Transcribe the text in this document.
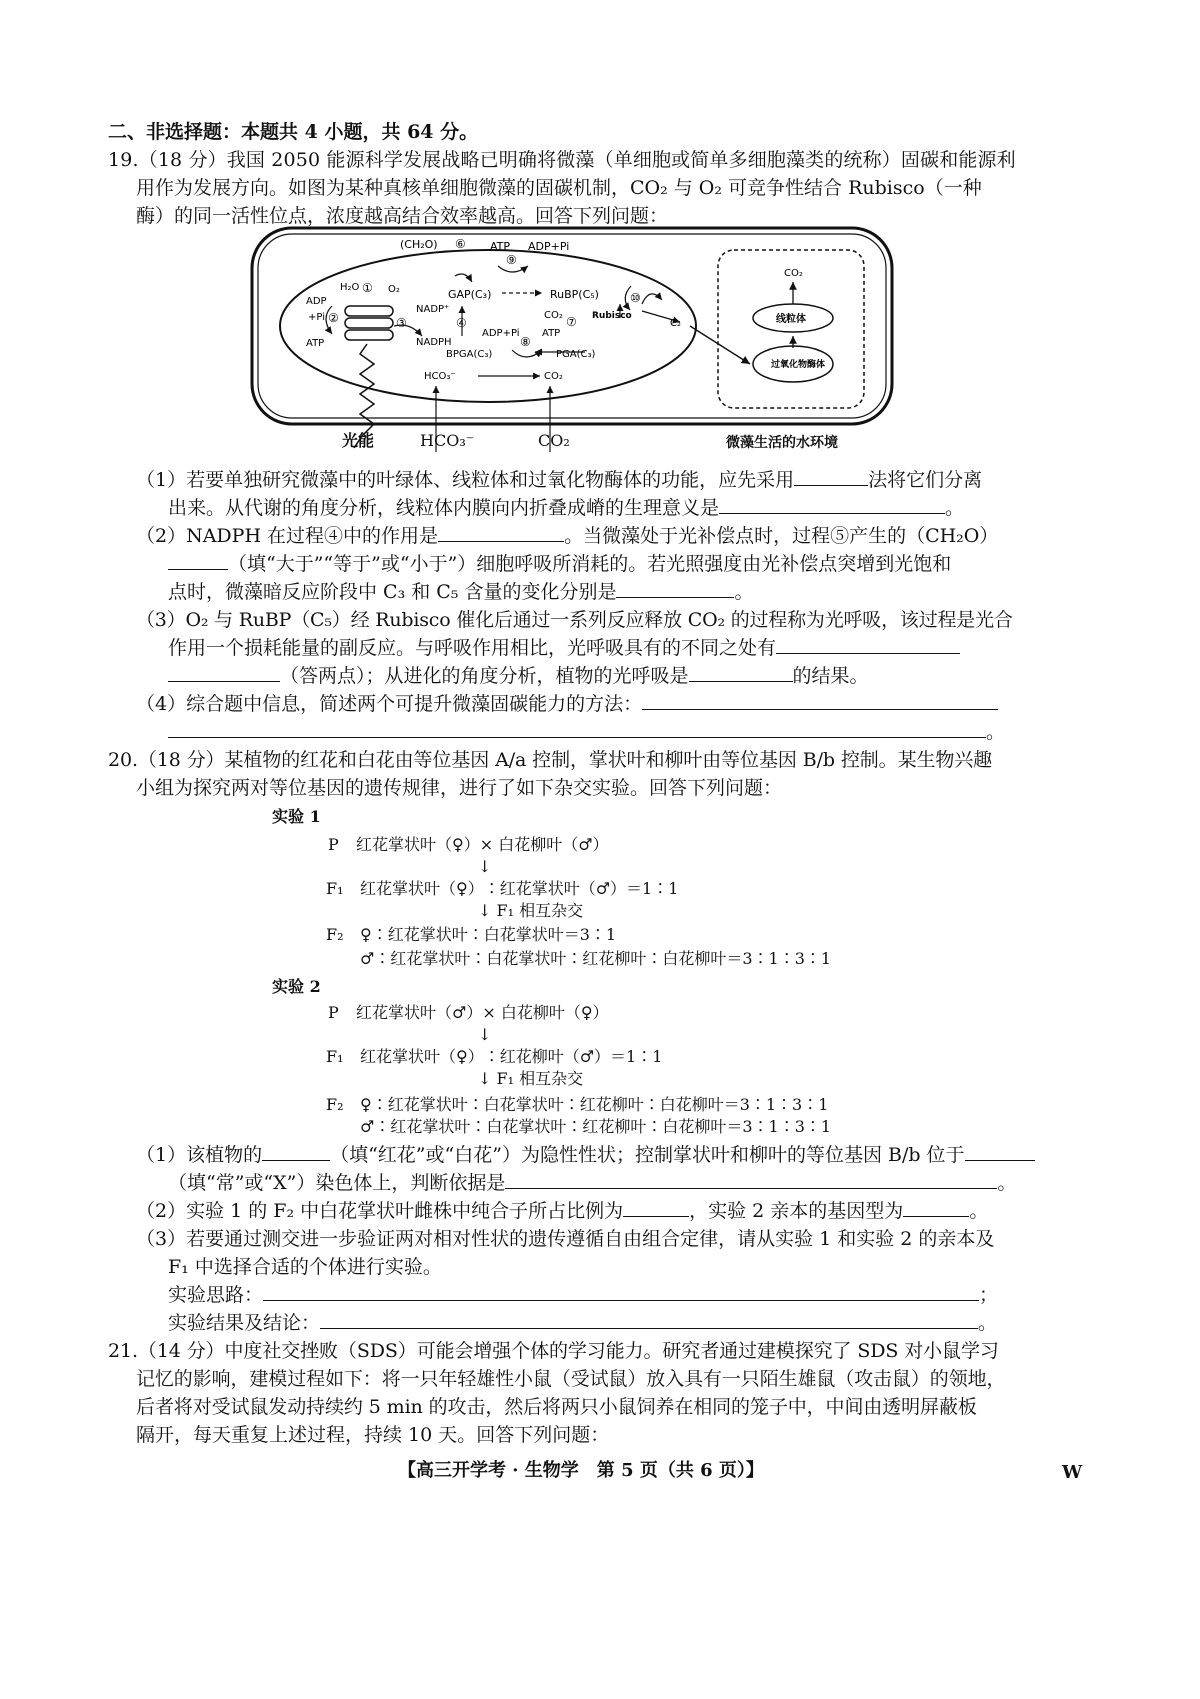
二、非选择题：本题共 4 小题，共 64 分。
19.（18 分）我国 2050 能源科学发展战略已明确将微藻（单细胞或简单多细胞藻类的统称）固碳和能源利
用作为发展方向。如图为某种真核单细胞微藻的固碳机制，CO₂ 与 O₂ 可竞争性结合 Rubisco（一种
酶）的同一活性位点，浓度越高结合效率越高。回答下列问题：
(CH₂O) ⑥ ATP ADP+Pi
⑨
GAP(C₃)	RuBP(C₅)	⑩
H₂O ① O₂
ADP
+Pi ②	③
ATP
NADP⁺
④
NADPH
BPGA(C₃)
ADP+Pi
⑧
ATP
CO₂ ⑦
PGA(C₃)
Rubisco
C₂
HCO₃⁻	CO₂
CO₂
线粒体
过氧化物酶体
光能	HCO₃⁻	CO₂	微藻生活的水环境
（1）若要单独研究微藻中的叶绿体、线粒体和过氧化物酶体的功能，应先采用	法将它们分离
出来。从代谢的角度分析，线粒体内膜向内折叠成嵴的生理意义是	。
（2）NADPH 在过程④中的作用是	。当微藻处于光补偿点时，过程⑤产生的（CH₂O）
（填“大于”“等于”或“小于”）细胞呼吸所消耗的。若光照强度由光补偿点突增到光饱和
点时，微藻暗反应阶段中 C₃ 和 C₅ 含量的变化分别是	。
（3）O₂ 与 RuBP（C₅）经 Rubisco 催化后通过一系列反应释放 CO₂ 的过程称为光呼吸，该过程是光合
作用一个损耗能量的副反应。与呼吸作用相比，光呼吸具有的不同之处有
（答两点）；从进化的角度分析，植物的光呼吸是	的结果。
（4）综合题中信息，简述两个可提升微藻固碳能力的方法：
。
20.（18 分）某植物的红花和白花由等位基因 A/a 控制，掌状叶和柳叶由等位基因 B/b 控制。某生物兴趣
小组为探究两对等位基因的遗传规律，进行了如下杂交实验。回答下列问题：
实验 1
P 红花掌状叶（♀）× 白花柳叶（♂）
↓
F₁ 红花掌状叶（♀）∶红花掌状叶（♂）＝1∶1
↓ F₁ 相互杂交
F₂ ♀∶红花掌状叶∶白花掌状叶＝3∶1
♂∶红花掌状叶∶白花掌状叶∶红花柳叶∶白花柳叶＝3∶1∶3∶1
实验 2
P 红花掌状叶（♂）× 白花柳叶（♀）
↓
F₁ 红花掌状叶（♀）∶红花柳叶（♂）＝1∶1
↓ F₁ 相互杂交
F₂ ♀∶红花掌状叶∶白花掌状叶∶红花柳叶∶白花柳叶＝3∶1∶3∶1
♂∶红花掌状叶∶白花掌状叶∶红花柳叶∶白花柳叶＝3∶1∶3∶1
（1）该植物的	（填“红花”或“白花”）为隐性性状；控制掌状叶和柳叶的等位基因 B/b 位于
（填“常”或“X”）染色体上，判断依据是	。
（2）实验 1 的 F₂ 中白花掌状叶雌株中纯合子所占比例为	，实验 2 亲本的基因型为	。
（3）若要通过测交进一步验证两对相对性状的遗传遵循自由组合定律，请从实验 1 和实验 2 的亲本及
F₁ 中选择合适的个体进行实验。
实验思路：	；
实验结果及结论：	。
21.（14 分）中度社交挫败（SDS）可能会增强个体的学习能力。研究者通过建模探究了 SDS 对小鼠学习
记忆的影响，建模过程如下：将一只年轻雄性小鼠（受试鼠）放入具有一只陌生雄鼠（攻击鼠）的领地，
后者将对受试鼠发动持续约 5 min 的攻击，然后将两只小鼠饲养在相同的笼子中，中间由透明屏蔽板
隔开，每天重复上述过程，持续 10 天。回答下列问题：
【高三开学考 · 生物学　第 5 页（共 6 页）】	W
